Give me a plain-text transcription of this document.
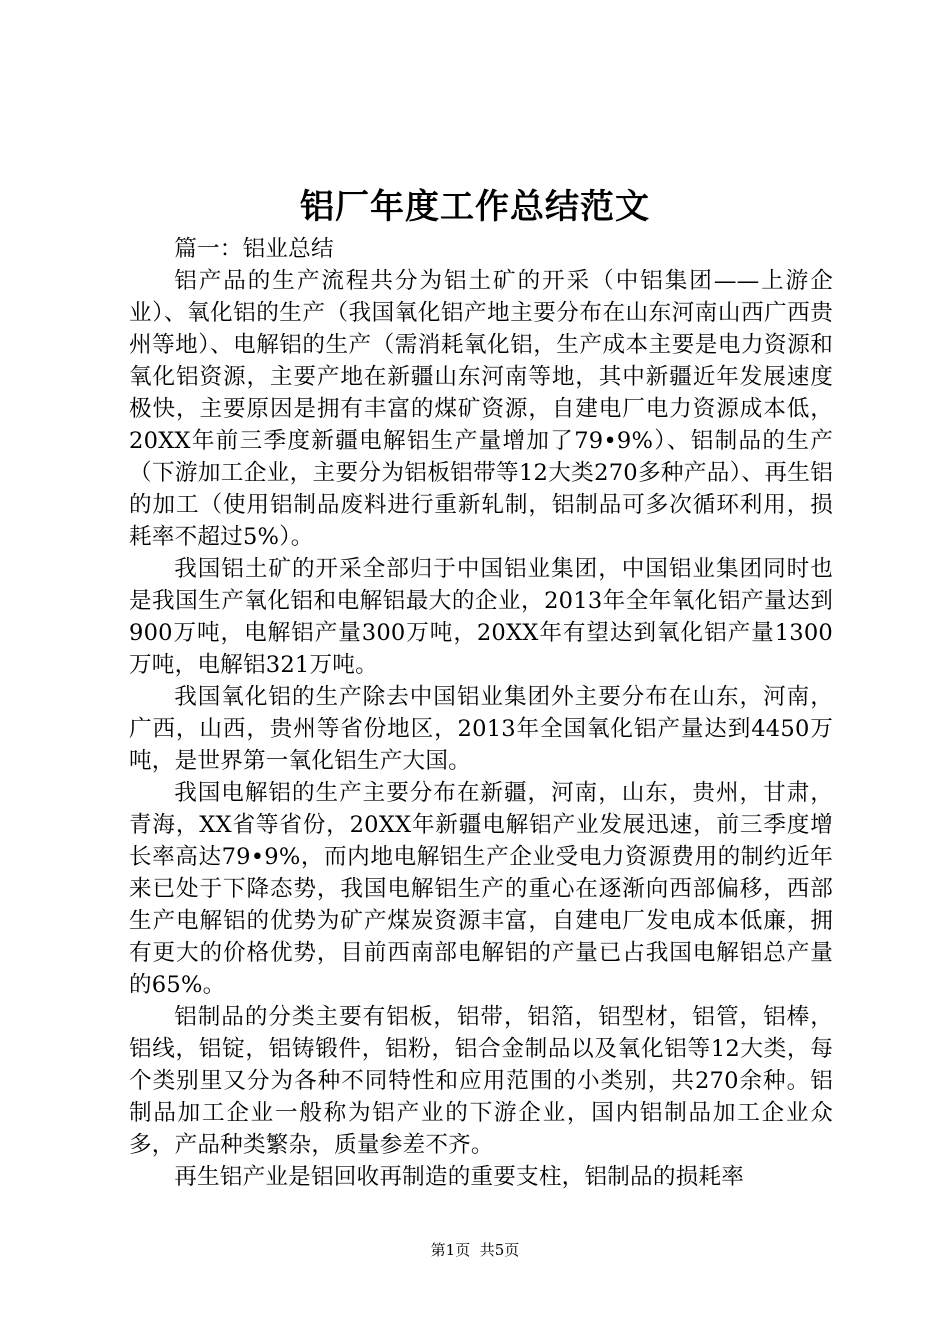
铝厂年度工作总结范文

篇一：铝业总结

铝产品的生产流程共分为铝土矿的开采（中铝集团——上游企业）、氧化铝的生产（我国氧化铝产地主要分布在山东河南山西广西贵州等地）、电解铝的生产（需消耗氧化铝，生产成本主要是电力资源和氧化铝资源，主要产地在新疆山东河南等地，其中新疆近年发展速度极快，主要原因是拥有丰富的煤矿资源，自建电厂电力资源成本低，20XX年前三季度新疆电解铝生产量增加了79•9%）、铝制品的生产（下游加工企业，主要分为铝板铝带等12大类270多种产品）、再生铝的加工（使用铝制品废料进行重新轧制，铝制品可多次循环利用，损耗率不超过5%）。

我国铝土矿的开采全部归于中国铝业集团，中国铝业集团同时也是我国生产氧化铝和电解铝最大的企业，2013年全年氧化铝产量达到900万吨，电解铝产量300万吨，20XX年有望达到氧化铝产量1300万吨，电解铝321万吨。

我国氧化铝的生产除去中国铝业集团外主要分布在山东，河南，广西，山西，贵州等省份地区，2013年全国氧化铝产量达到4450万吨，是世界第一氧化铝生产大国。

我国电解铝的生产主要分布在新疆，河南，山东，贵州，甘肃，青海，XX省等省份，20XX年新疆电解铝产业发展迅速，前三季度增长率高达79•9%，而内地电解铝生产企业受电力资源费用的制约近年来已处于下降态势，我国电解铝生产的重心在逐渐向西部偏移，西部生产电解铝的优势为矿产煤炭资源丰富，自建电厂发电成本低廉，拥有更大的价格优势，目前西南部电解铝的产量已占我国电解铝总产量的65%。

铝制品的分类主要有铝板，铝带，铝箔，铝型材，铝管，铝棒，铝线，铝锭，铝铸锻件，铝粉，铝合金制品以及氧化铝等12大类，每个类别里又分为各种不同特性和应用范围的小类别，共270余种。铝制品加工企业一般称为铝产业的下游企业，国内铝制品加工企业众多，产品种类繁杂，质量参差不齐。

再生铝产业是铝回收再制造的重要支柱，铝制品的损耗率

第1页 共5页
